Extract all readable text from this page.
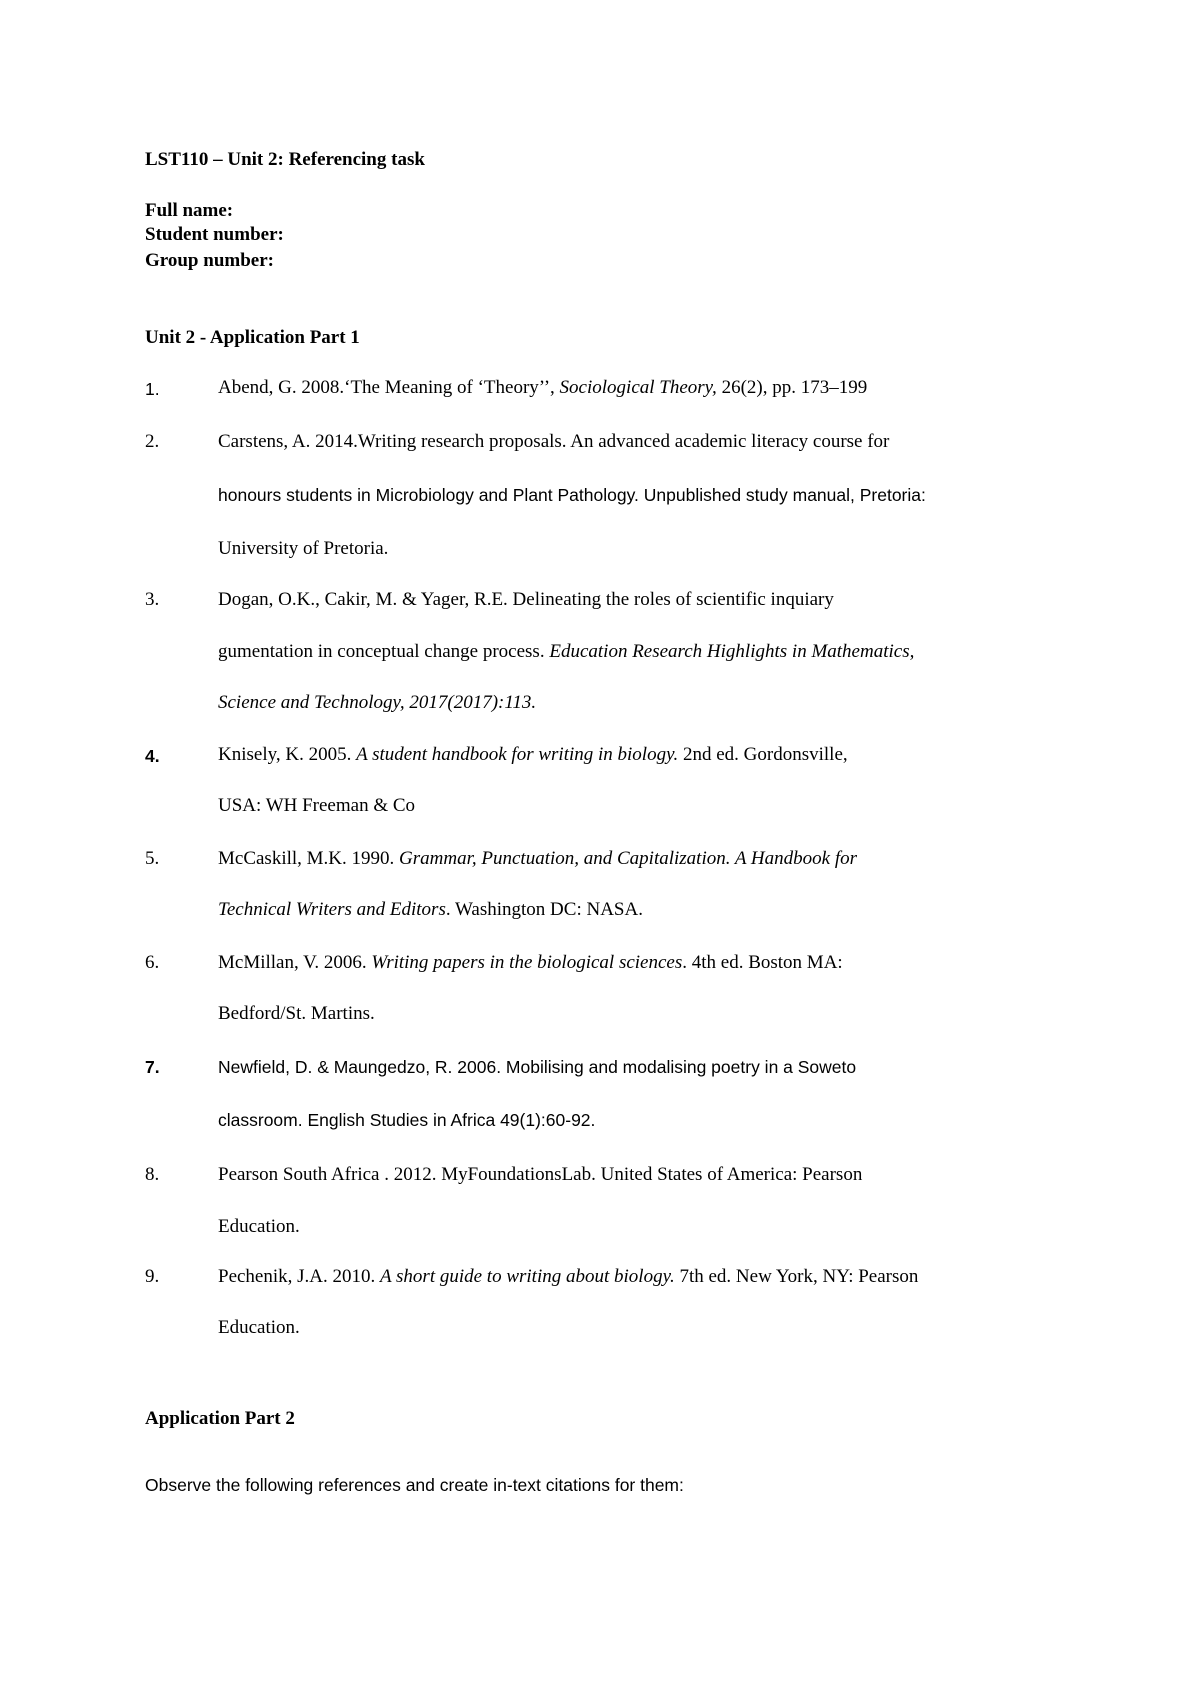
LST110 – Unit 2: Referencing task
Full name:
Student number:
Group number:
Unit 2 - Application Part 1
1.	Abend, G. 2008.‘The Meaning of ‘Theory’’, Sociological Theory, 26(2), pp. 173–199
2.	Carstens, A. 2014.Writing research proposals. An advanced academic literacy course for
honours students in Microbiology and Plant Pathology. Unpublished study manual, Pretoria:
University of Pretoria.
3.	Dogan, O.K., Cakir, M. & Yager, R.E. Delineating the roles of scientific inquiary
gumentation in conceptual change process. Education Research Highlights in Mathematics,
Science and Technology, 2017(2017):113.
4.	Knisely, K. 2005. A student handbook for writing in biology. 2nd ed. Gordonsville,
USA: WH Freeman & Co
5.	McCaskill, M.K. 1990. Grammar, Punctuation, and Capitalization. A Handbook for
Technical Writers and Editors. Washington DC: NASA.
6.	McMillan, V. 2006. Writing papers in the biological sciences. 4th ed. Boston MA:
Bedford/St. Martins.
7.	Newfield, D. & Maungedzo, R. 2006. Mobilising and modalising poetry in a Soweto
classroom. English Studies in Africa 49(1):60-92.
8.	Pearson South Africa . 2012. MyFoundationsLab. United States of America: Pearson
Education.
9.	Pechenik, J.A. 2010. A short guide to writing about biology. 7th ed. New York, NY: Pearson
Education.
Application Part 2
Observe the following references and create in-text citations for them:
